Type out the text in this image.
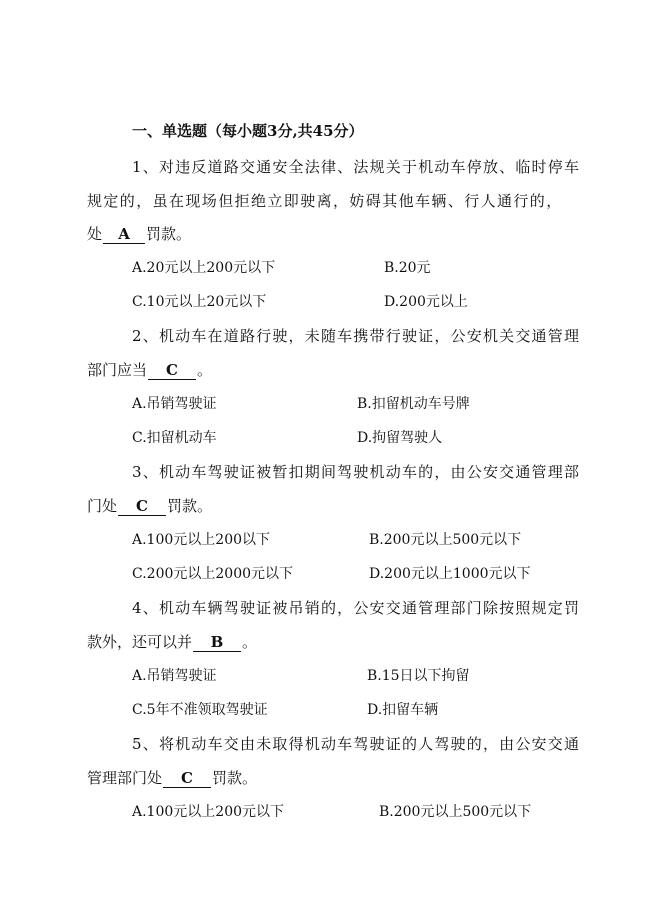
一、单选题（每小题3分,共45分）
1、对违反道路交通安全法律、法规关于机动车停放、临时停车
规定的，虽在现场但拒绝立即驶离，妨碍其他车辆、行人通行的，
处 A 罚款。
A.20元以上200元以下	B.20元
C.10元以上20元以下	D.200元以上
2、机动车在道路行驶，未随车携带行驶证，公安机关交通管理
部门应当 C 。
A.吊销驾驶证	B.扣留机动车号牌
C.扣留机动车	D.拘留驾驶人
3、机动车驾驶证被暂扣期间驾驶机动车的，由公安交通管理部
门处 C 罚款。
A.100元以上200以下	B.200元以上500元以下
C.200元以上2000元以下	D.200元以上1000元以下
4、机动车辆驾驶证被吊销的，公安交通管理部门除按照规定罚
款外，还可以并 B 。
A.吊销驾驶证	B.15日以下拘留
C.5年不准领取驾驶证	D.扣留车辆
5、将机动车交由未取得机动车驾驶证的人驾驶的，由公安交通
管理部门处 C 罚款。
A.100元以上200元以下	B.200元以上500元以下
